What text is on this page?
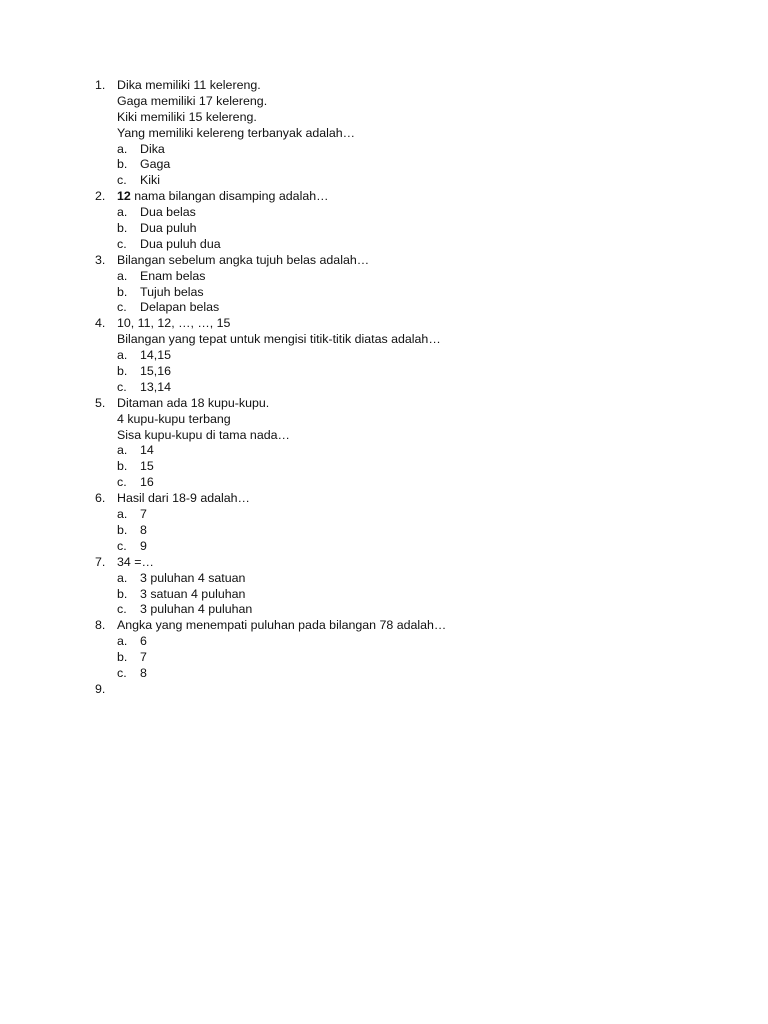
1. Dika memiliki 11 kelereng.
Gaga memiliki 17 kelereng.
Kiki memiliki 15 kelereng.
Yang memiliki kelereng terbanyak adalah…
a. Dika
b. Gaga
c. Kiki
2. 12 nama bilangan disamping adalah…
a. Dua belas
b. Dua puluh
c. Dua puluh dua
3. Bilangan sebelum angka tujuh belas adalah…
a. Enam belas
b. Tujuh belas
c. Delapan belas
4. 10, 11, 12, …, …, 15
Bilangan yang tepat untuk mengisi titik-titik diatas adalah…
a. 14,15
b. 15,16
c. 13,14
5. Ditaman ada 18 kupu-kupu.
4 kupu-kupu terbang
Sisa kupu-kupu di tama nada…
a. 14
b. 15
c. 16
6. Hasil dari 18-9 adalah…
a. 7
b. 8
c. 9
7. 34 =…
a. 3 puluhan 4 satuan
b. 3 satuan 4 puluhan
c. 3 puluhan 4 puluhan
8. Angka yang menempati puluhan pada bilangan 78 adalah…
a. 6
b. 7
c. 8
9.
